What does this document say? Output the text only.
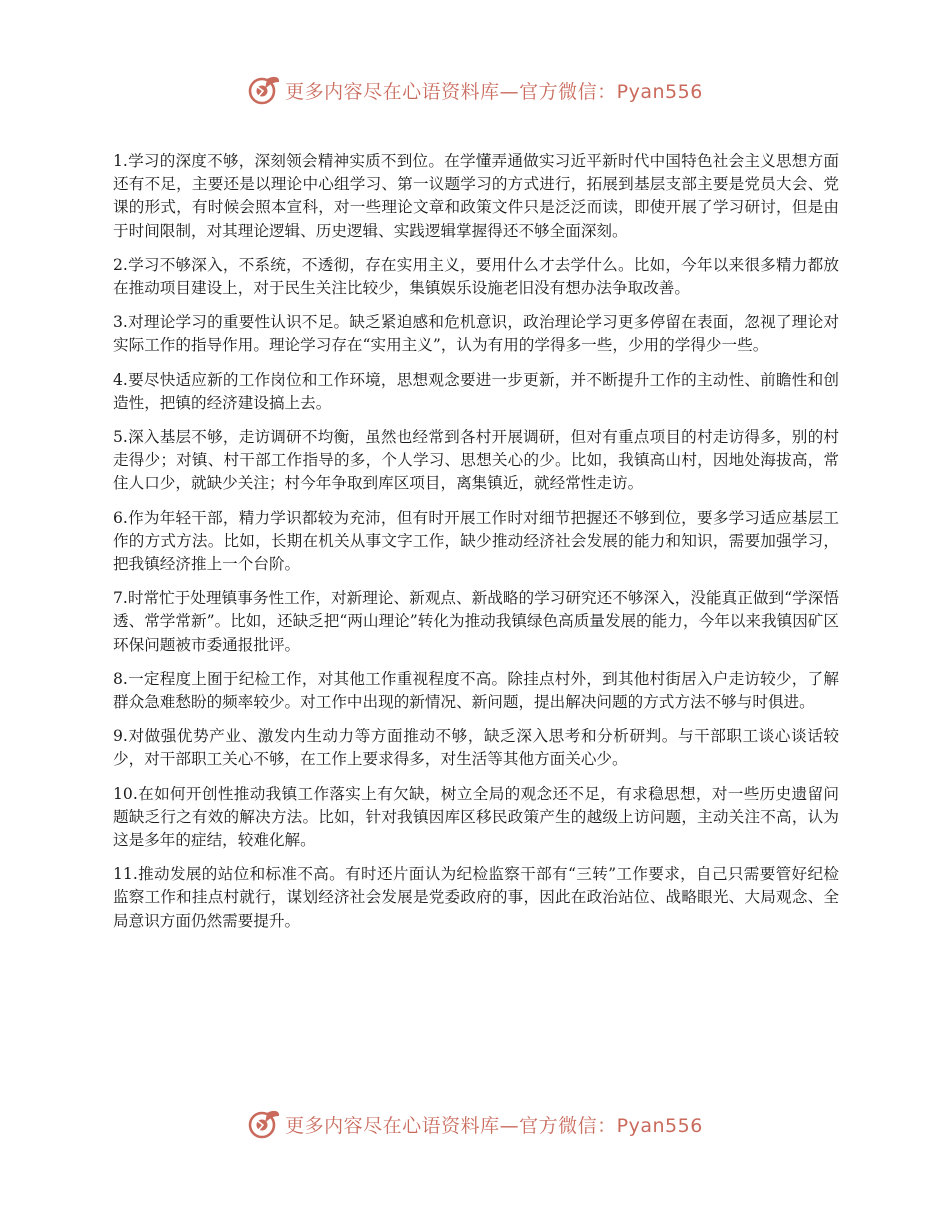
更多内容尽在心语资料库—官方微信：Pyan556

1.学习的深度不够，深刻领会精神实质不到位。在学懂弄通做实习近平新时代中国特色社会主义思想方面还有不足，主要还是以理论中心组学习、第一议题学习的方式进行，拓展到基层支部主要是党员大会、党课的形式，有时候会照本宣科，对一些理论文章和政策文件只是泛泛而读，即使开展了学习研讨，但是由于时间限制，对其理论逻辑、历史逻辑、实践逻辑掌握得还不够全面深刻。

2.学习不够深入，不系统，不透彻，存在实用主义，要用什么才去学什么。比如，今年以来很多精力都放在推动项目建设上，对于民生关注比较少，集镇娱乐设施老旧没有想办法争取改善。

3.对理论学习的重要性认识不足。缺乏紧迫感和危机意识，政治理论学习更多停留在表面，忽视了理论对实际工作的指导作用。理论学习存在“实用主义”，认为有用的学得多一些，少用的学得少一些。

4.要尽快适应新的工作岗位和工作环境，思想观念要进一步更新，并不断提升工作的主动性、前瞻性和创造性，把镇的经济建设搞上去。

5.深入基层不够，走访调研不均衡，虽然也经常到各村开展调研，但对有重点项目的村走访得多，别的村走得少；对镇、村干部工作指导的多，个人学习、思想关心的少。比如，我镇高山村，因地处海拔高，常住人口少，就缺少关注；村今年争取到库区项目，离集镇近，就经常性走访。

6.作为年轻干部，精力学识都较为充沛，但有时开展工作时对细节把握还不够到位，要多学习适应基层工作的方式方法。比如，长期在机关从事文字工作，缺少推动经济社会发展的能力和知识，需要加强学习，把我镇经济推上一个台阶。

7.时常忙于处理镇事务性工作，对新理论、新观点、新战略的学习研究还不够深入，没能真正做到“学深悟透、常学常新”。比如，还缺乏把“两山理论”转化为推动我镇绿色高质量发展的能力，今年以来我镇因矿区环保问题被市委通报批评。

8.一定程度上囿于纪检工作，对其他工作重视程度不高。除挂点村外，到其他村街居入户走访较少，了解群众急难愁盼的频率较少。对工作中出现的新情况、新问题，提出解决问题的方式方法不够与时俱进。

9.对做强优势产业、激发内生动力等方面推动不够，缺乏深入思考和分析研判。与干部职工谈心谈话较少，对干部职工关心不够，在工作上要求得多，对生活等其他方面关心少。

10.在如何开创性推动我镇工作落实上有欠缺，树立全局的观念还不足，有求稳思想，对一些历史遗留问题缺乏行之有效的解决方法。比如，针对我镇因库区移民政策产生的越级上访问题，主动关注不高，认为这是多年的症结，较难化解。

11.推动发展的站位和标准不高。有时还片面认为纪检监察干部有“三转”工作要求，自己只需要管好纪检监察工作和挂点村就行，谋划经济社会发展是党委政府的事，因此在政治站位、战略眼光、大局观念、全局意识方面仍然需要提升。

更多内容尽在心语资料库—官方微信：Pyan556
